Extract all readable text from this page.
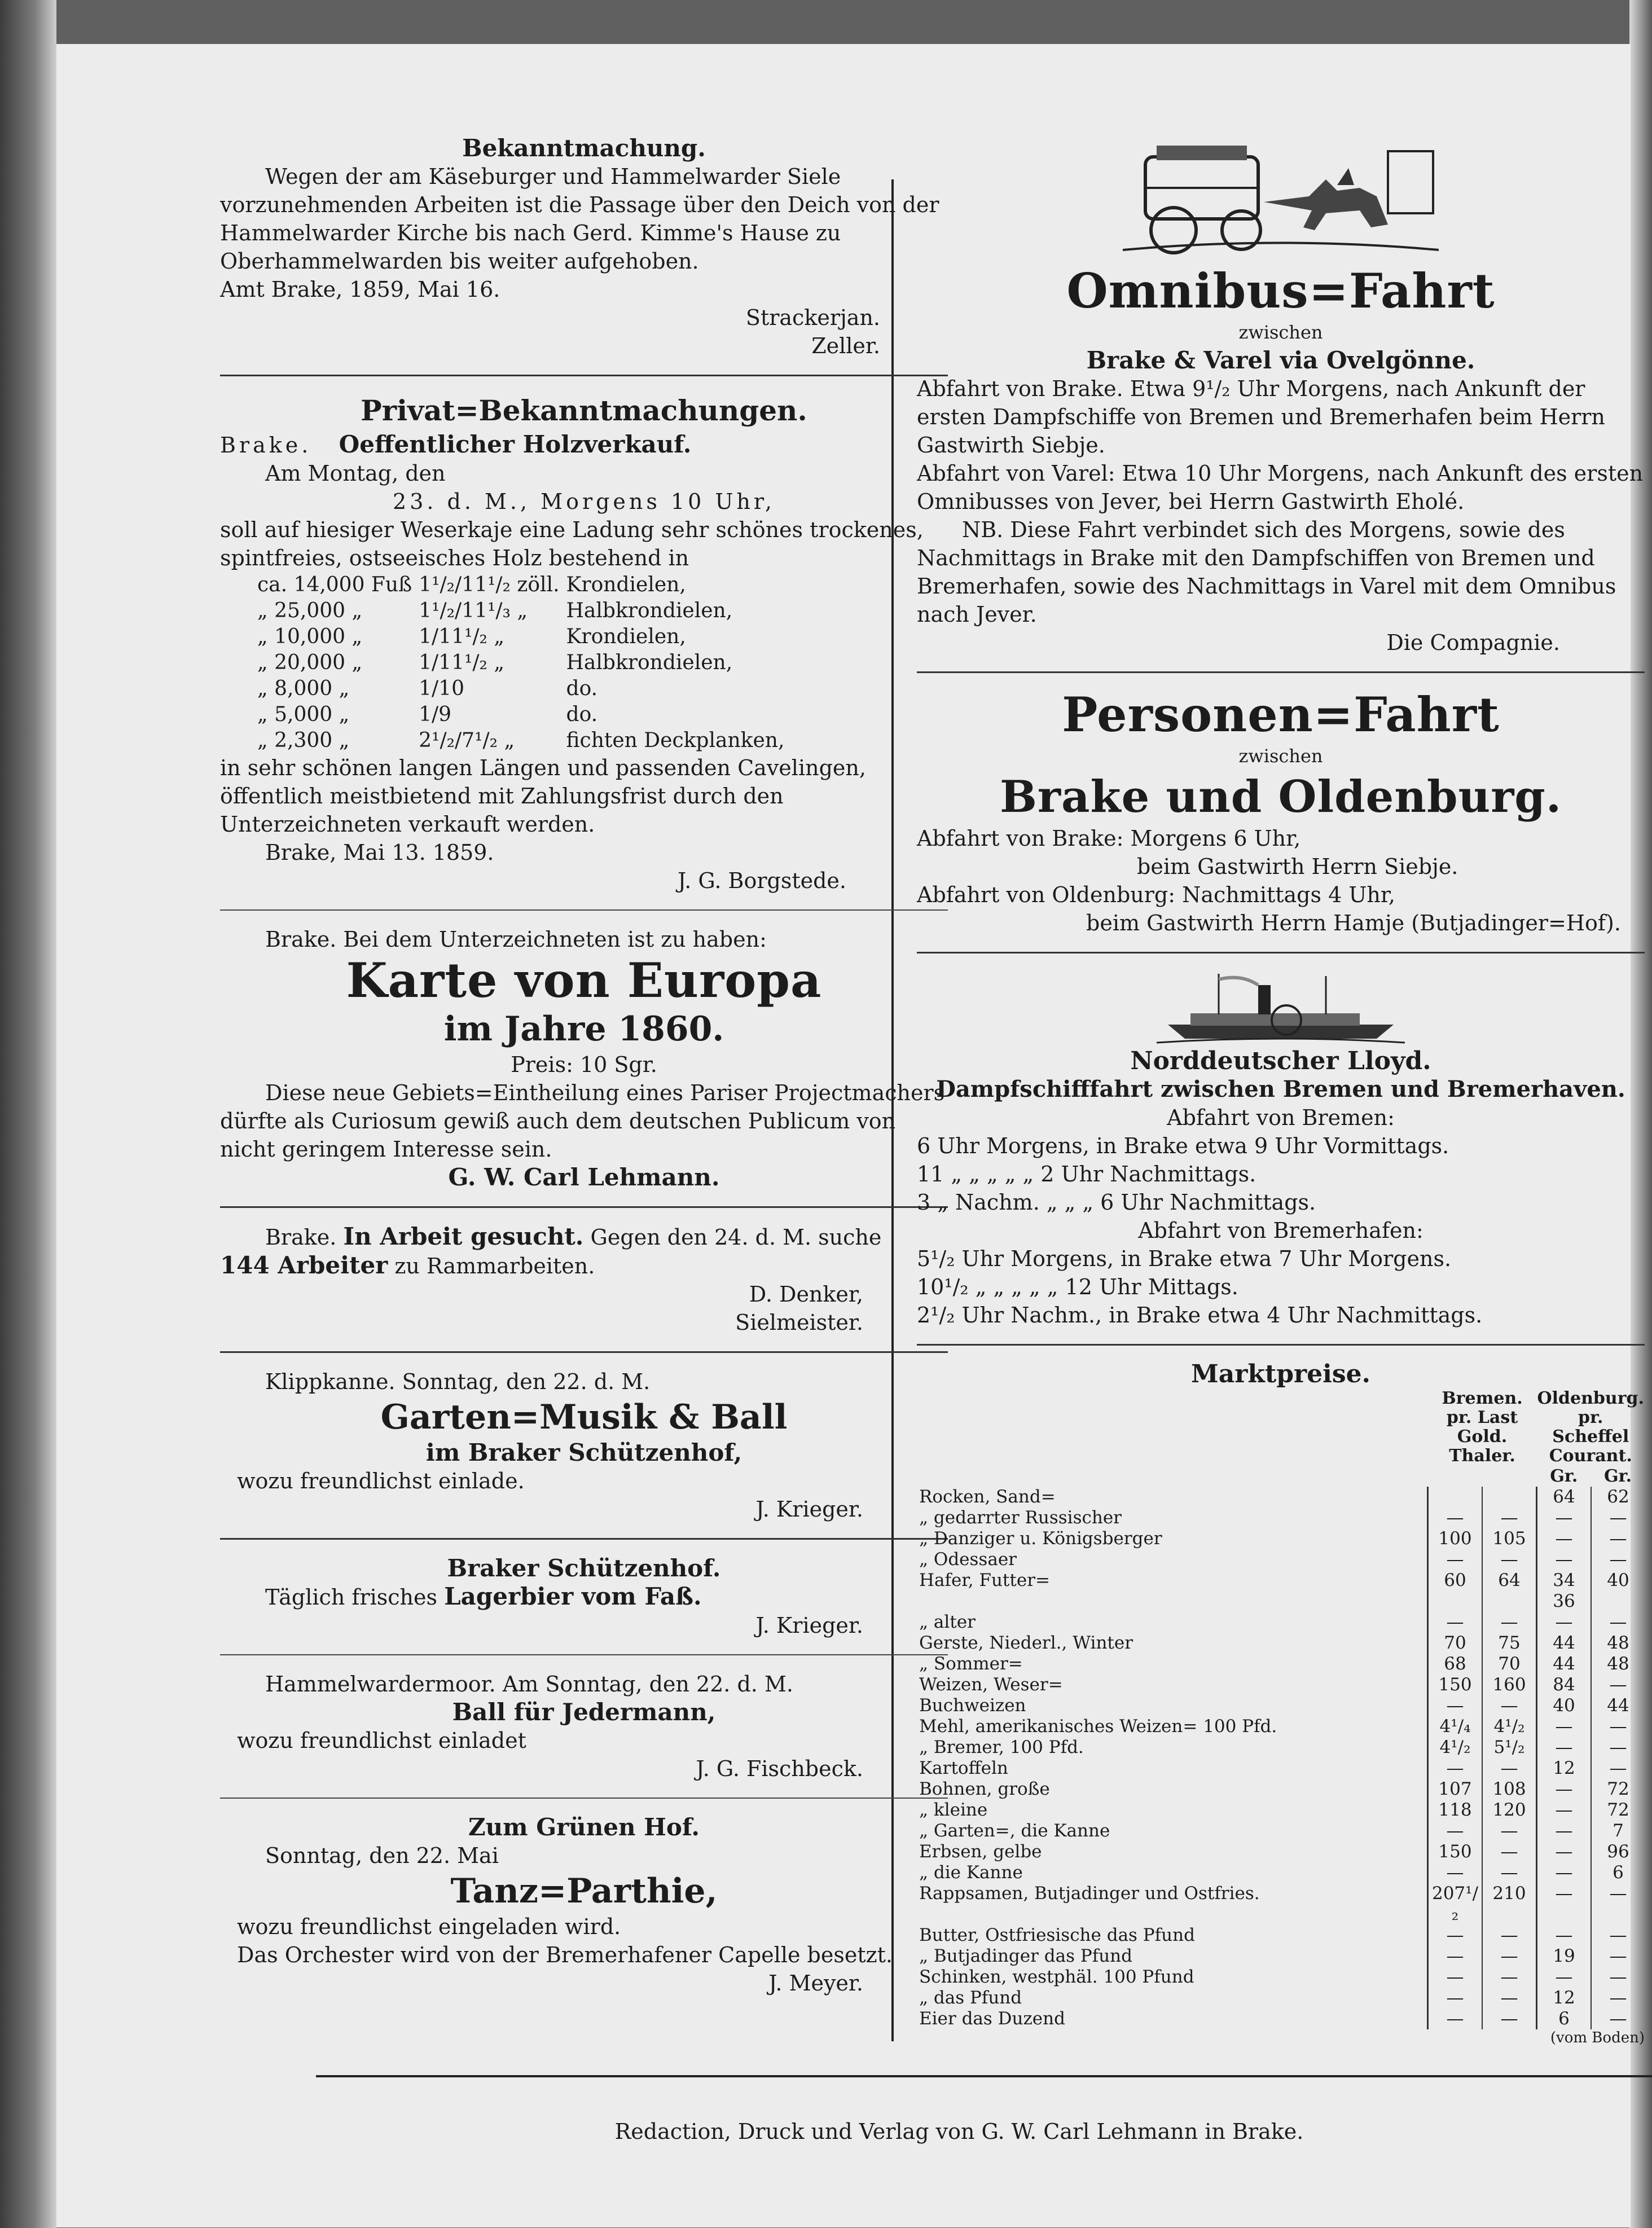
Bekanntmachung.

Wegen der am Käseburger und Hammelwarder Siele vorzunehmenden Arbeiten ist die Passage über den Deich von der Hammelwarder Kirche bis nach Gerd. Kimme's Hause zu Oberhammelwarden bis weiter aufgehoben.

Amt Brake, 1859, Mai 16.

Strackerjan.

Zeller.

Privat=Bekanntmachungen.

Brake. Oeffentlicher Holzverkauf.

Am Montag, den

23. d. M., Morgens 10 Uhr,

soll auf hiesiger Weserkaje eine Ladung sehr schönes trockenes, spintfreies, ostseeisches Holz bestehend in

ca. 14,000 Fuß	1¹/₂/11¹/₂ zöll.	Krondielen,
„ 25,000 „	1¹/₂/11¹/₃ „	Halbkrondielen,
„ 10,000 „	1/11¹/₂ „	Krondielen,
„ 20,000 „	1/11¹/₂ „	Halbkrondielen,
„ 8,000 „	1/10	do.
„ 5,000 „	1/9	do.
„ 2,300 „	2¹/₂/7¹/₂ „	fichten Deckplanken,

in sehr schönen langen Längen und passenden Cavelingen, öffentlich meistbietend mit Zahlungsfrist durch den Unterzeichneten verkauft werden.

Brake, Mai 13. 1859.

J. G. Borgstede.

Brake. Bei dem Unterzeichneten ist zu haben:

Karte von Europa

im Jahre 1860.

Preis: 10 Sgr.

Diese neue Gebiets=Eintheilung eines Pariser Projectmachers dürfte als Curiosum gewiß auch dem deutschen Publicum von nicht geringem Interesse sein.

G. W. Carl Lehmann.

Brake. In Arbeit gesucht. Gegen den 24. d. M. suche

144 Arbeiter zu Rammarbeiten.

D. Denker,

Sielmeister.

Klippkanne. Sonntag, den 22. d. M.

Garten=Musik & Ball

im Braker Schützenhof,

wozu freundlichst einlade.

J. Krieger.

Braker Schützenhof.

Täglich frisches Lagerbier vom Faß.

J. Krieger.

Hammelwardermoor. Am Sonntag, den 22. d. M.

Ball für Jedermann,

wozu freundlichst einladet

J. G. Fischbeck.

Zum Grünen Hof.

Sonntag, den 22. Mai

Tanz=Parthie,

wozu freundlichst eingeladen wird.

Das Orchester wird von der Bremerhafener Capelle besetzt.

J. Meyer.

Omnibus=Fahrt

zwischen

Brake & Varel via Ovelgönne.

Abfahrt von Brake. Etwa 9¹/₂ Uhr Morgens, nach Ankunft der ersten Dampfschiffe von Bremen und Bremerhafen beim Herrn Gastwirth Siebje.

Abfahrt von Varel: Etwa 10 Uhr Morgens, nach Ankunft des ersten Omnibusses von Jever, bei Herrn Gastwirth Eholé.

NB. Diese Fahrt verbindet sich des Morgens, sowie des Nachmittags in Brake mit den Dampfschiffen von Bremen und Bremerhafen, sowie des Nachmittags in Varel mit dem Omnibus nach Jever.

Die Compagnie.

Personen=Fahrt

zwischen

Brake und Oldenburg.

Abfahrt von Brake: Morgens 6 Uhr,

beim Gastwirth Herrn Siebje.

Abfahrt von Oldenburg: Nachmittags 4 Uhr,

beim Gastwirth Herrn Hamje (Butjadinger=Hof).

Norddeutscher Lloyd.

Dampfschifffahrt zwischen Bremen und Bremerhaven.

Abfahrt von Bremen:

6 Uhr Morgens, in Brake etwa 9 Uhr Vormittags.

11 „ „ „ „ „ 2 Uhr Nachmittags.

3 „ Nachm. „ „ „ 6 Uhr Nachmittags.

Abfahrt von Bremerhafen:

5¹/₂ Uhr Morgens, in Brake etwa 7 Uhr Morgens.

10¹/₂ „ „ „ „ „ 12 Uhr Mittags.

2¹/₂ Uhr Nachm., in Brake etwa 4 Uhr Nachmittags.

Marktpreise.

	Bremen. pr. Last Gold. Thaler.		Oldenburg. pr. Scheffel Courant.	
			Gr.	Gr.
Rocken, Sand=			64	62
„ gedarrter Russischer	—	—	—	—
„ Danziger u. Königsberger	100	105	—	—
„ Odessaer	—	—	—	—
Hafer, Futter=	60	64	34 36	40
„ alter	—	—	—	—
Gerste, Niederl., Winter	70	75	44	48
„ Sommer=	68	70	44	48
Weizen, Weser=	150	160	84	—
Buchweizen	—	—	40	44
Mehl, amerikanisches Weizen= 100 Pfd.	4¹/₄	4¹/₂	—	—
„ Bremer, 100 Pfd.	4¹/₂	5¹/₂	—	—
Kartoffeln	—	—	12	—
Bohnen, große	107	108	—	72
„ kleine	118	120	—	72
„ Garten=, die Kanne	—	—	—	7
Erbsen, gelbe	150	—	—	96
„ die Kanne	—	—	—	6
Rappsamen, Butjadinger und Ostfries.	207¹/₂	210	—	—
Butter, Ostfriesische das Pfund	—	—	—	—
„ Butjadinger das Pfund	—	—	19	—
Schinken, westphäl. 100 Pfund	—	—	—	—
„ das Pfund	—	—	12	—
Eier das Duzend	—	—	6	—

(vom Boden)

Redaction, Druck und Verlag von G. W. Carl Lehmann in Brake.
